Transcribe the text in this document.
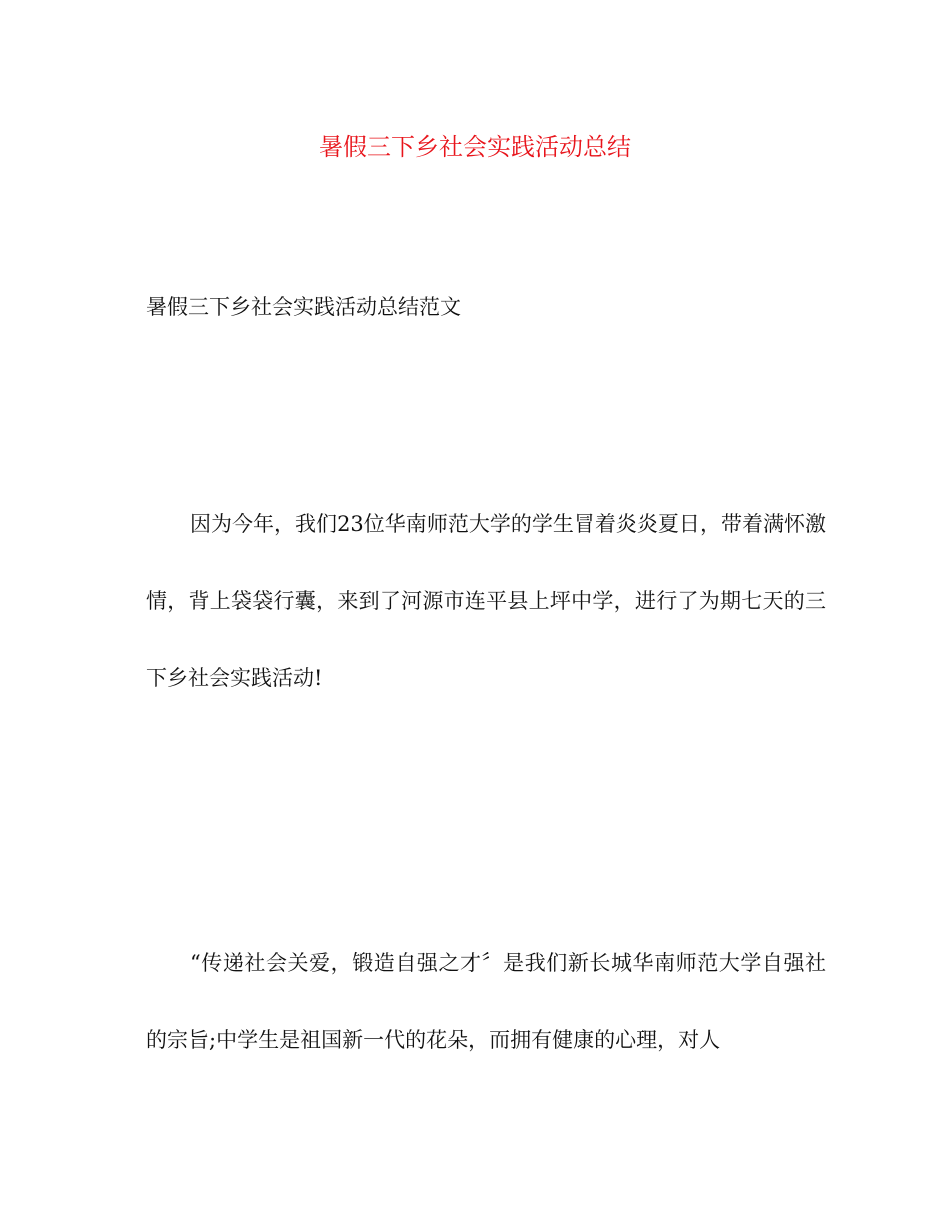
暑假三下乡社会实践活动总结

暑假三下乡社会实践活动总结范文

因为今年，我们23位华南师范大学的学生冒着炎炎夏日，带着满怀激情，背上袋袋行囊，来到了河源市连平县上坪中学，进行了为期七天的三下乡社会实践活动!

“传递社会关爱，锻造自强之才〞是我们新长城华南师范大学自强社的宗旨;中学生是祖国新一代的花朵，而拥有健康的心理，对人
